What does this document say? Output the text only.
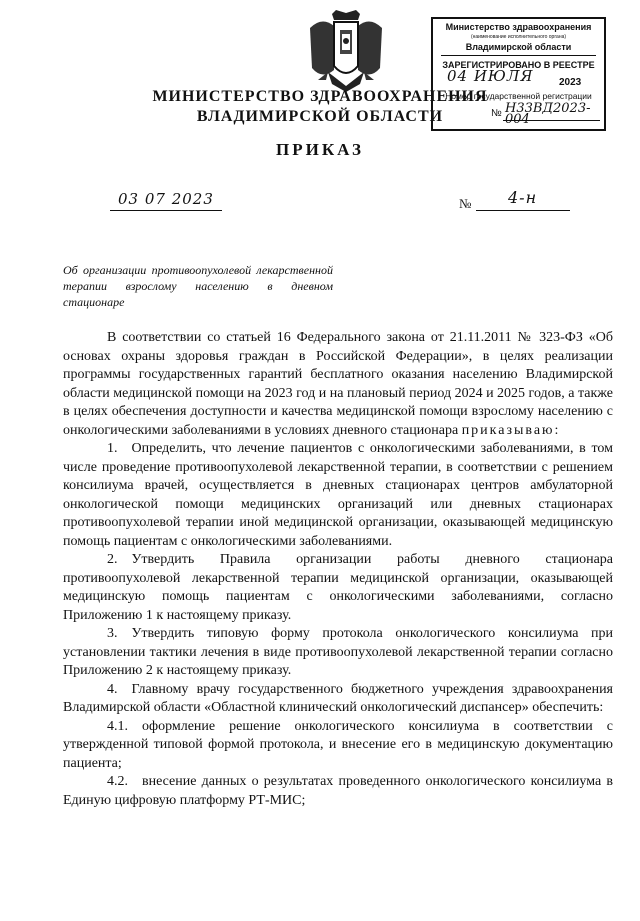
Министерство здравоохранения
(наименование исполнительного органа)
Владимирской области
ЗАРЕГИСТРИРОВАНО В РЕЕСТРЕ
04 ИЮЛЯ	2023
Номер государственной регистрации
№ Н33ВД2023-004
МИНИСТЕРСТВО ЗДРАВООХРАНЕНИЯ
ВЛАДИМИРСКОЙ ОБЛАСТИ
ПРИКАЗ
03 07 2023	№ 4-н
Об организации противоопухолевой лекарственной терапии взрослому населению в дневном стационаре

В соответствии со статьей 16 Федерального закона от 21.11.2011 № 323-ФЗ «Об основах охраны здоровья граждан в Российской Федерации», в целях реализации программы государственных гарантий бесплатного оказания населению Владимирской области медицинской помощи на 2023 год и на плановый период 2024 и 2025 годов, а также в целях обеспечения доступности и качества медицинской помощи взрослому населению с онкологическими заболеваниями в условиях дневного стационара приказываю:

1. Определить, что лечение пациентов с онкологическими заболеваниями, в том числе проведение противоопухолевой лекарственной терапии, в соответствии с решением консилиума врачей, осуществляется в дневных стационарах центров амбулаторной онкологической помощи медицинских организаций или дневных стационарах противоопухолевой терапии иной медицинской организации, оказывающей медицинскую помощь пациентам с онкологическими заболеваниями.

2. Утвердить Правила организации работы дневного стационара противоопухолевой лекарственной терапии медицинской организации, оказывающей медицинскую помощь пациентам с онкологическими заболеваниями, согласно Приложению 1 к настоящему приказу.

3. Утвердить типовую форму протокола онкологического консилиума при установлении тактики лечения в виде противоопухолевой лекарственной терапии согласно Приложению 2 к настоящему приказу.

4. Главному врачу государственного бюджетного учреждения здравоохранения Владимирской области «Областной клинический онкологический диспансер» обеспечить:

4.1. оформление решение онкологического консилиума в соответствии с утвержденной типовой формой протокола, и внесение его в медицинскую документацию пациента;

4.2. внесение данных о результатах проведенного онкологического консилиума в Единую цифровую платформу РТ-МИС;
